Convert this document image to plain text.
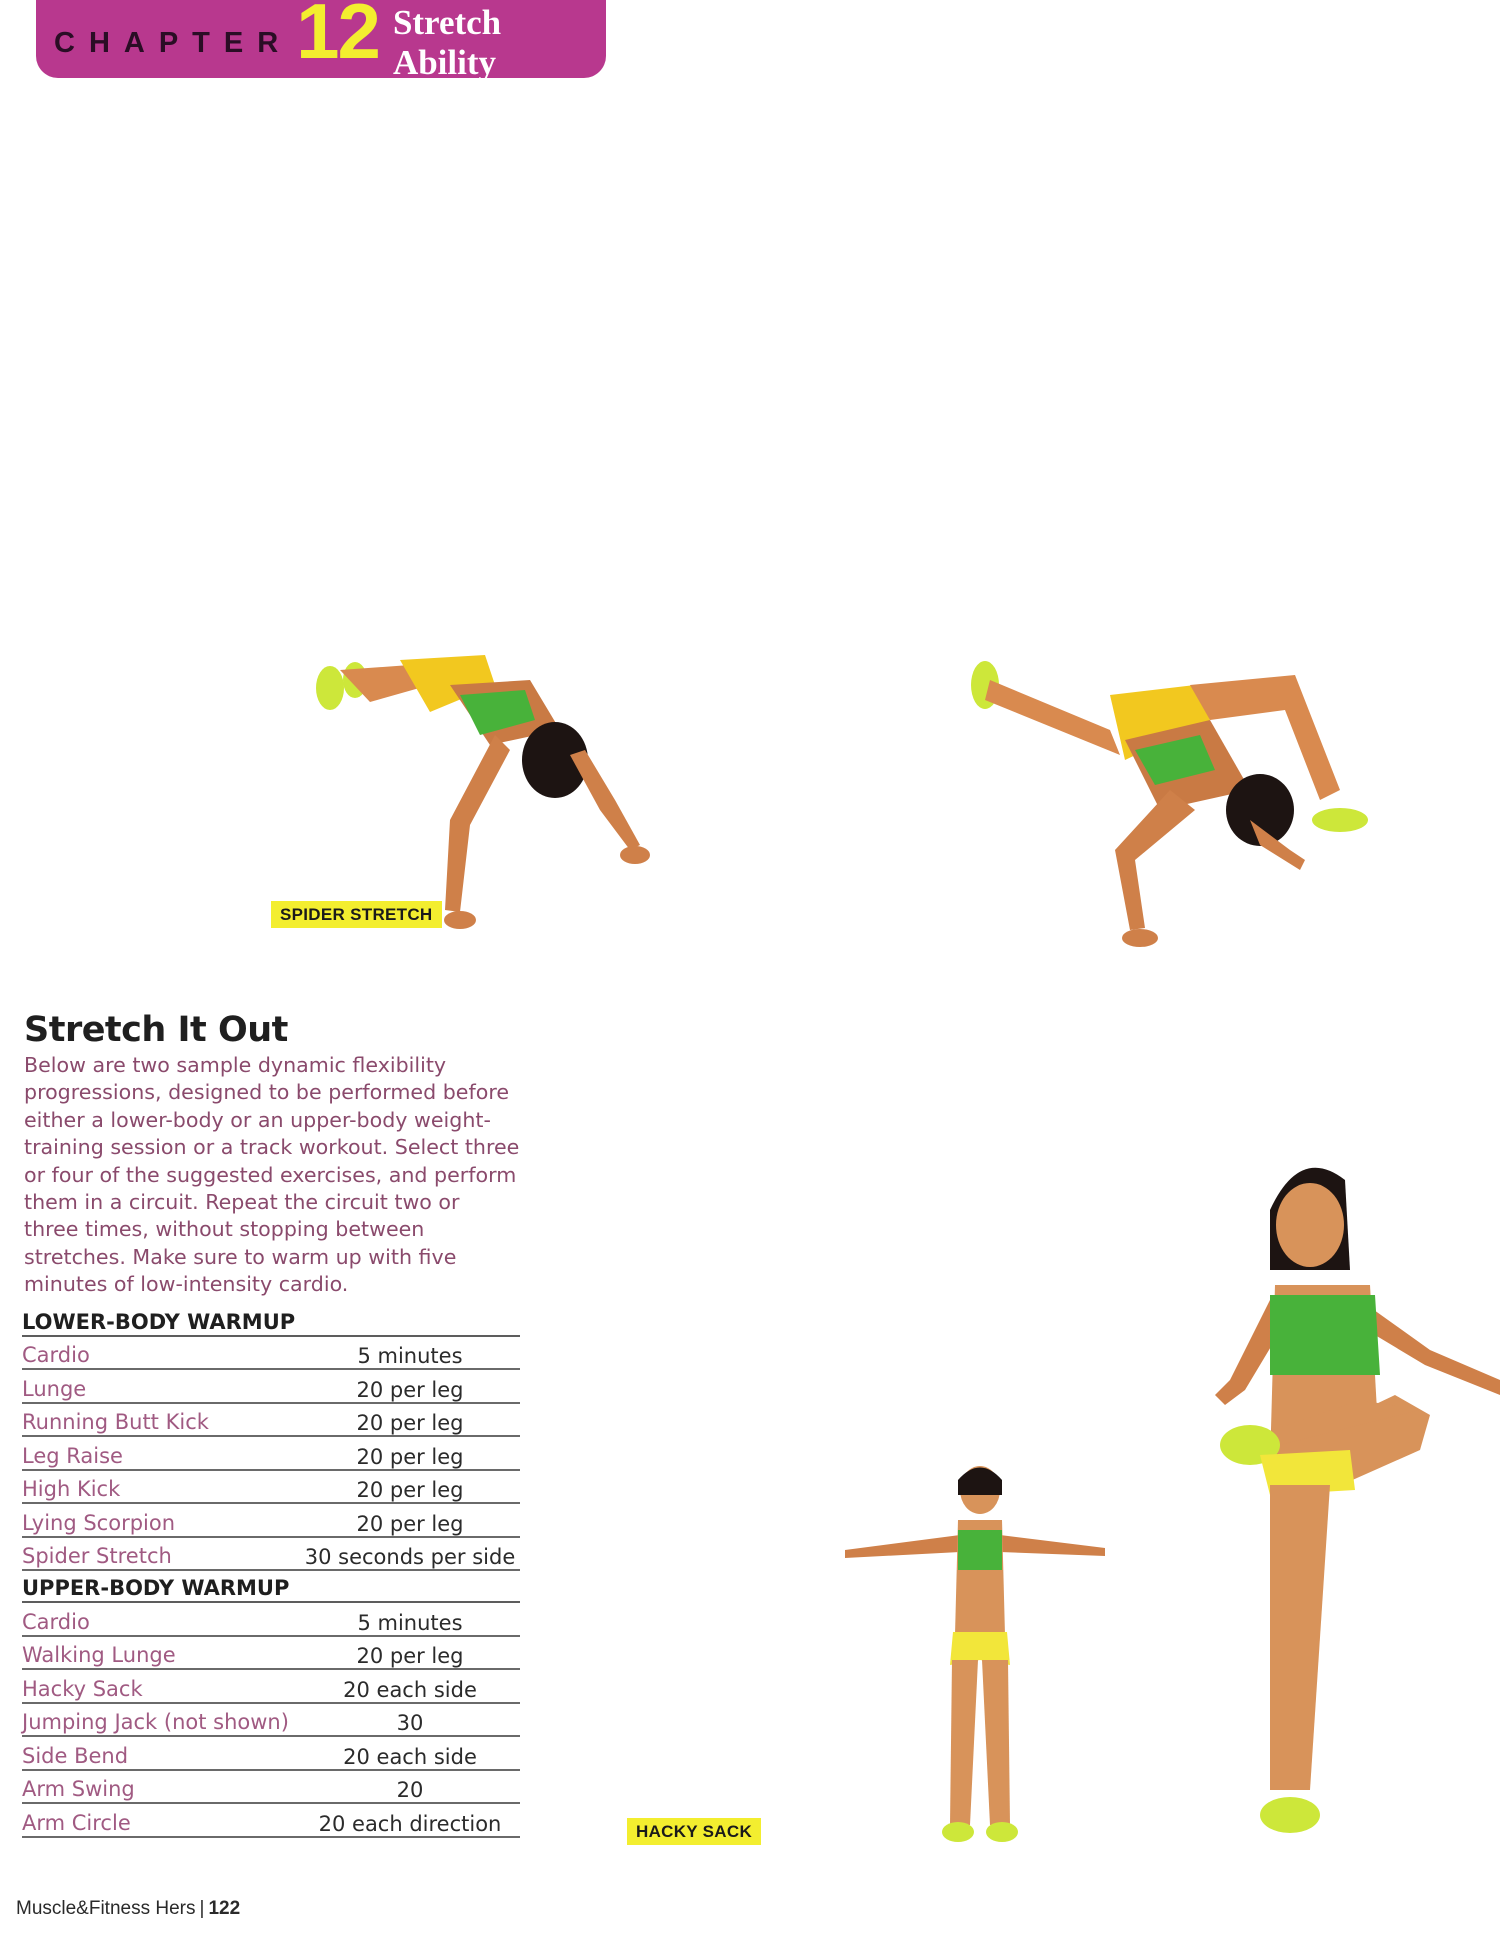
CHAPTER 12 Stretch Ability
SPIDER STRETCH
HACKY SACK
Stretch It Out

Below are two sample dynamic flexibility progressions, designed to be performed before either a lower-body or an upper-body weight-training session or a track workout. Select three or four of the suggested exercises, and perform them in a circuit. Repeat the circuit two or three times, without stopping between stretches. Make sure to warm up with five minutes of low-intensity cardio.

LOWER-BODY WARMUP
Cardio	5 minutes
Lunge	20 per leg
Running Butt Kick	20 per leg
Leg Raise	20 per leg
High Kick	20 per leg
Lying Scorpion	20 per leg
Spider Stretch	30 seconds per side
UPPER-BODY WARMUP
Cardio	5 minutes
Walking Lunge	20 per leg
Hacky Sack	20 each side
Jumping Jack (not shown)	30
Side Bend	20 each side
Arm Swing	20
Arm Circle	20 each direction
Muscle&Fitness Hers | 122
